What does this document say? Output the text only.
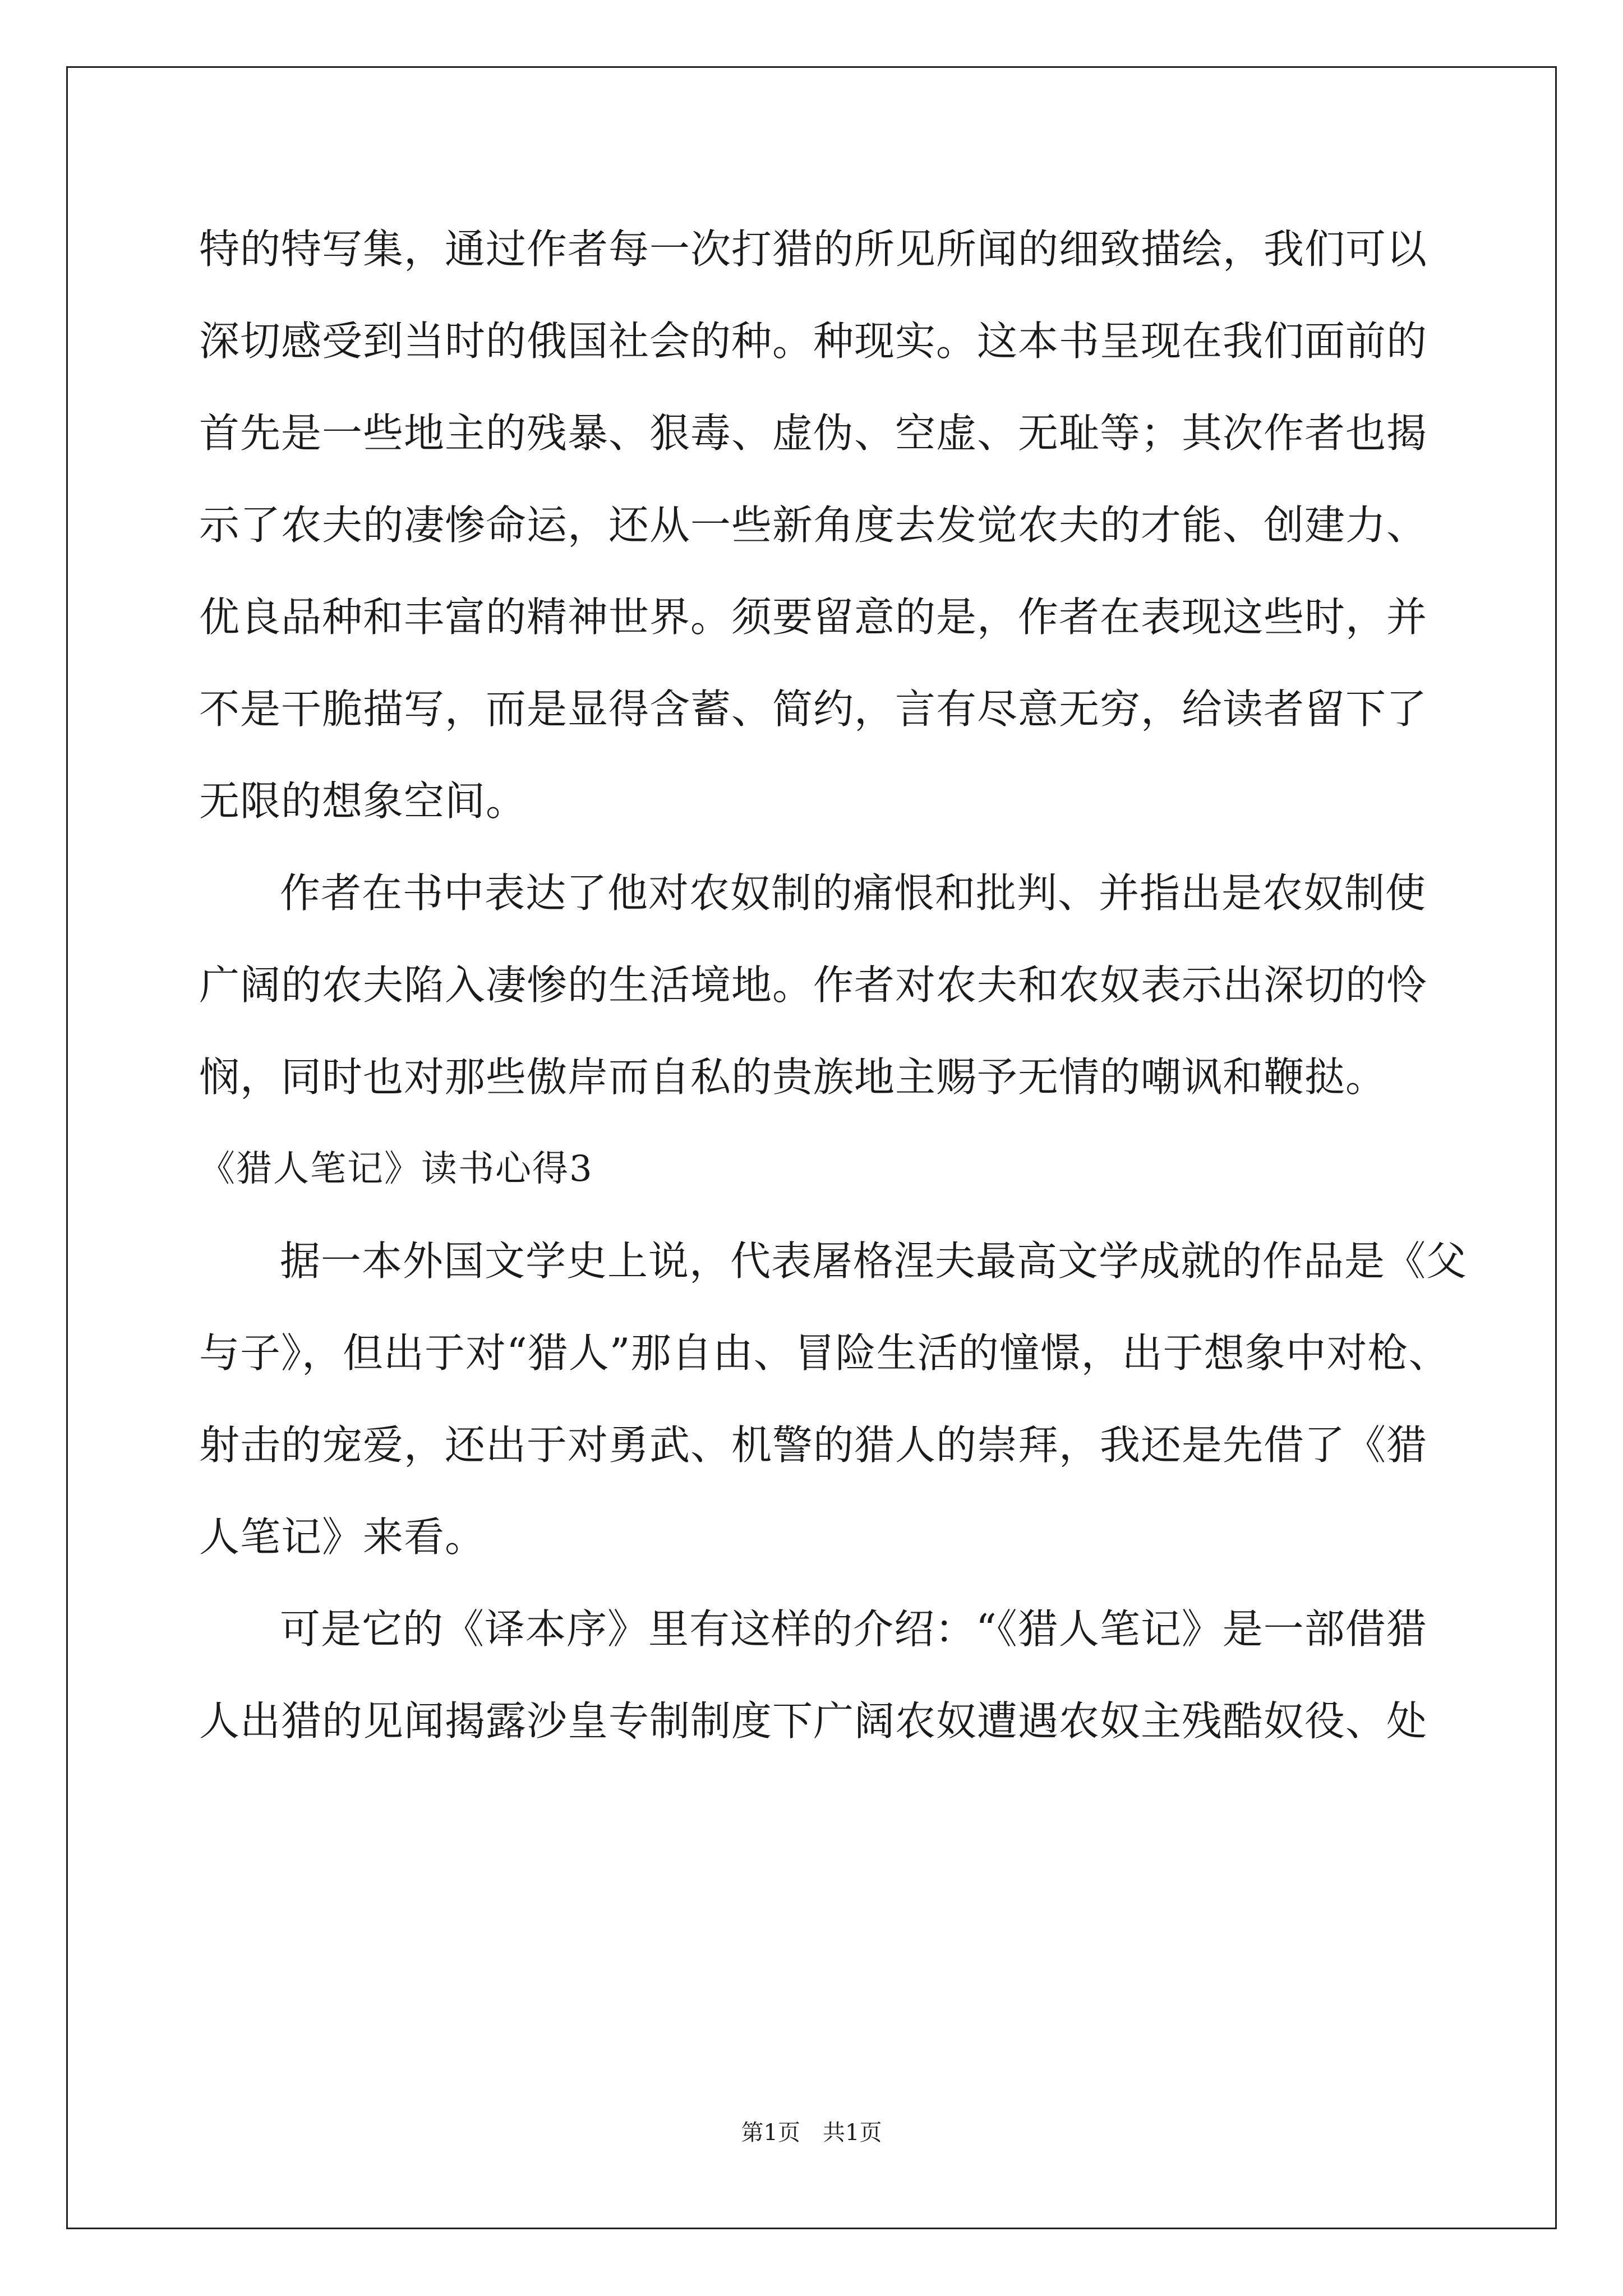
特的特写集，通过作者每一次打猎的所见所闻的细致描绘，我们可以
深切感受到当时的俄国社会的种。种现实。这本书呈现在我们面前的
首先是一些地主的残暴、狠毒、虚伪、空虚、无耻等；其次作者也揭
示了农夫的凄惨命运，还从一些新角度去发觉农夫的才能、创建力、
优良品种和丰富的精神世界。须要留意的是，作者在表现这些时，并
不是干脆描写，而是显得含蓄、简约，言有尽意无穷，给读者留下了
无限的想象空间。
作者在书中表达了他对农奴制的痛恨和批判、并指出是农奴制使
广阔的农夫陷入凄惨的生活境地。作者对农夫和农奴表示出深切的怜
悯，同时也对那些傲岸而自私的贵族地主赐予无情的嘲讽和鞭挞。
《猎人笔记》读书心得3
据一本外国文学史上说，代表屠格涅夫最高文学成就的作品是《父
与子》，但出于对“猎人”那自由、冒险生活的憧憬，出于想象中对枪、
射击的宠爱，还出于对勇武、机警的猎人的崇拜，我还是先借了《猎
人笔记》来看。
可是它的《译本序》里有这样的介绍：“《猎人笔记》是一部借猎
人出猎的见闻揭露沙皇专制制度下广阔农奴遭遇农奴主残酷奴役、处
第1页 共1页
